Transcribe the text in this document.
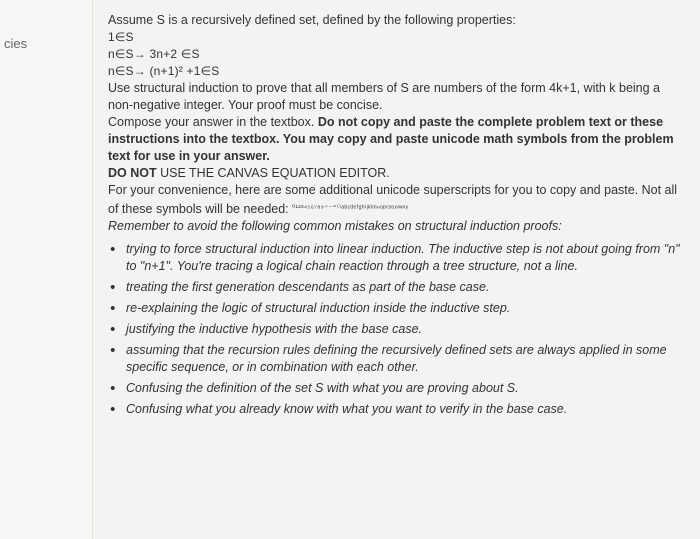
cies

Assume S is a recursively defined set, defined by the following properties:

1∈S

n∈S→ 3n+2 ∈S

n∈S→ (n+1)² +1∈S

Use structural induction to prove that all members of S are numbers of the form 4k+1, with k being a non-negative integer. Your proof must be concise.

Compose your answer in the textbox. Do not copy and paste the complete problem text or these instructions into the textbox. You may copy and paste unicode math symbols from the problem text for use in your answer.

DO NOT USE THE CANVAS EQUATION EDITOR.

For your convenience, here are some additional unicode superscripts for you to copy and paste. Not all of these symbols will be needed: $^{^{0123456789+-=()}ᵃᵇᶜᵈᵉᶠᵍʰ^iʲᵏˡᵐ^nᵒᵖʳˢᵗᵘᵛʷˣʸ}$

Remember to avoid the following common mistakes on structural induction proofs:

• trying to force structural induction into linear induction. The inductive step is not about going from "n" to "n+1". You're tracing a logical chain reaction through a tree structure, not a line.
• treating the first generation descendants as part of the base case.
• re-explaining the logic of structural induction inside the inductive step.
• justifying the inductive hypothesis with the base case.
• assuming that the recursion rules defining the recursively defined sets are always applied in some specific sequence, or in combination with each other.
• Confusing the definition of the set S with what you are proving about S.
• Confusing what you already know with what you want to verify in the base case.
